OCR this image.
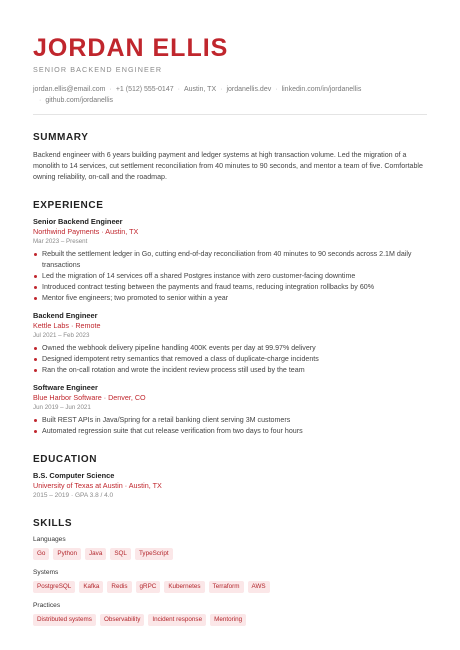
JORDAN ELLIS
SENIOR BACKEND ENGINEER
jordan.ellis@email.com · +1 (512) 555-0147 · Austin, TX · jordanellis.dev · linkedin.com/in/jordanellis
· github.com/jordanellis
SUMMARY
Backend engineer with 6 years building payment and ledger systems at high transaction volume. Led the migration of a monolith to 14 services, cut settlement reconciliation from 40 minutes to 90 seconds, and mentor a team of five. Comfortable owning reliability, on-call and the roadmap.
EXPERIENCE
Senior Backend Engineer
Northwind Payments · Austin, TX
Mar 2023 – Present
Rebuilt the settlement ledger in Go, cutting end-of-day reconciliation from 40 minutes to 90 seconds across 2.1M daily transactions
Led the migration of 14 services off a shared Postgres instance with zero customer-facing downtime
Introduced contract testing between the payments and fraud teams, reducing integration rollbacks by 60%
Mentor five engineers; two promoted to senior within a year
Backend Engineer
Kettle Labs · Remote
Jul 2021 – Feb 2023
Owned the webhook delivery pipeline handling 400K events per day at 99.97% delivery
Designed idempotent retry semantics that removed a class of duplicate-charge incidents
Ran the on-call rotation and wrote the incident review process still used by the team
Software Engineer
Blue Harbor Software · Denver, CO
Jun 2019 – Jun 2021
Built REST APIs in Java/Spring for a retail banking client serving 3M customers
Automated regression suite that cut release verification from two days to four hours
EDUCATION
B.S. Computer Science
University of Texas at Austin · Austin, TX
2015 – 2019 · GPA 3.8 / 4.0
SKILLS
Languages
Go	Python	Java	SQL	TypeScript
Systems
PostgreSQL	Kafka	Redis	gRPC	Kubernetes	Terraform	AWS
Practices
Distributed systems	Observability	Incident response	Mentoring
